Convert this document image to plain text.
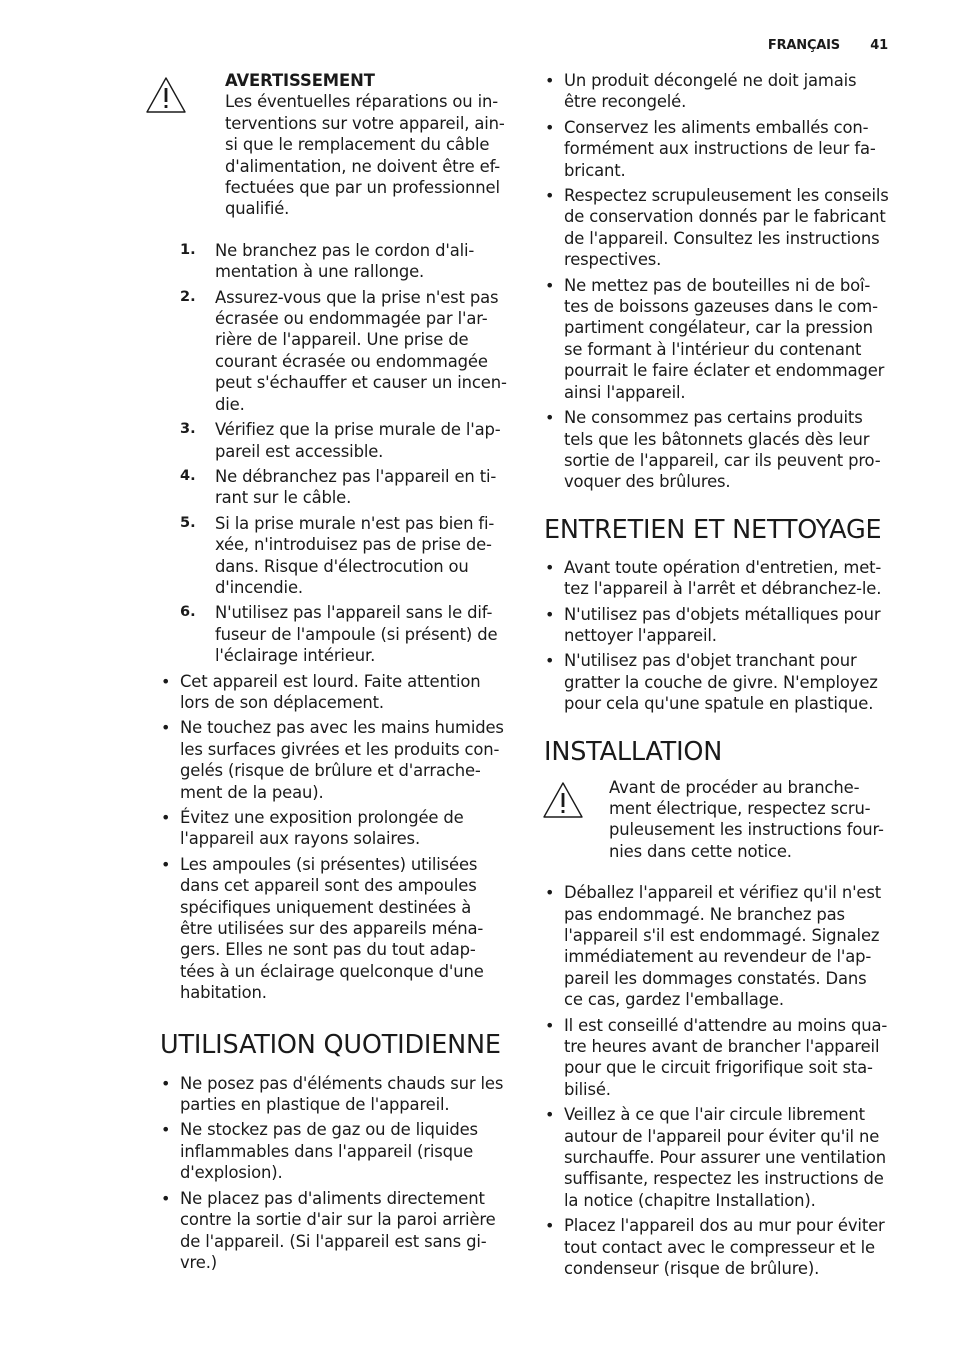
FRANÇAIS 41
AVERTISSEMENT
Les éventuelles réparations ou in-
terventions sur votre appareil, ain-
si que le remplacement du câble
d'alimentation, ne doivent être ef-
fectuées que par un professionnel
qualifié.
1. Ne branchez pas le cordon d'ali-
mentation à une rallonge.
2. Assurez-vous que la prise n'est pas
écrasée ou endommagée par l'ar-
rière de l'appareil. Une prise de
courant écrasée ou endommagée
peut s'échauffer et causer un incen-
die.
3. Vérifiez que la prise murale de l'ap-
pareil est accessible.
4. Ne débranchez pas l'appareil en ti-
rant sur le câble.
5. Si la prise murale n'est pas bien fi-
xée, n'introduisez pas de prise de-
dans. Risque d'électrocution ou
d'incendie.
6. N'utilisez pas l'appareil sans le dif-
fuseur de l'ampoule (si présent) de
l'éclairage intérieur.
• Cet appareil est lourd. Faite attention
lors de son déplacement.
• Ne touchez pas avec les mains humides
les surfaces givrées et les produits con-
gelés (risque de brûlure et d'arrache-
ment de la peau).
• Évitez une exposition prolongée de
l'appareil aux rayons solaires.
• Les ampoules (si présentes) utilisées
dans cet appareil sont des ampoules
spécifiques uniquement destinées à
être utilisées sur des appareils ména-
gers. Elles ne sont pas du tout adap-
tées à un éclairage quelconque d'une
habitation.
UTILISATION QUOTIDIENNE
• Ne posez pas d'éléments chauds sur les
parties en plastique de l'appareil.
• Ne stockez pas de gaz ou de liquides
inflammables dans l'appareil (risque
d'explosion).
• Ne placez pas d'aliments directement
contre la sortie d'air sur la paroi arrière
de l'appareil. (Si l'appareil est sans gi-
vre.)
• Un produit décongelé ne doit jamais
être recongelé.
• Conservez les aliments emballés con-
formément aux instructions de leur fa-
bricant.
• Respectez scrupuleusement les conseils
de conservation donnés par le fabricant
de l'appareil. Consultez les instructions
respectives.
• Ne mettez pas de bouteilles ni de boî-
tes de boissons gazeuses dans le com-
partiment congélateur, car la pression
se formant à l'intérieur du contenant
pourrait le faire éclater et endommager
ainsi l'appareil.
• Ne consommez pas certains produits
tels que les bâtonnets glacés dès leur
sortie de l'appareil, car ils peuvent pro-
voquer des brûlures.
ENTRETIEN ET NETTOYAGE
• Avant toute opération d'entretien, met-
tez l'appareil à l'arrêt et débranchez-le.
• N'utilisez pas d'objets métalliques pour
nettoyer l'appareil.
• N'utilisez pas d'objet tranchant pour
gratter la couche de givre. N'employez
pour cela qu'une spatule en plastique.
INSTALLATION
Avant de procéder au branche-
ment électrique, respectez scru-
puleusement les instructions four-
nies dans cette notice.
• Déballez l'appareil et vérifiez qu'il n'est
pas endommagé. Ne branchez pas
l'appareil s'il est endommagé. Signalez
immédiatement au revendeur de l'ap-
pareil les dommages constatés. Dans
ce cas, gardez l'emballage.
• Il est conseillé d'attendre au moins qua-
tre heures avant de brancher l'appareil
pour que le circuit frigorifique soit sta-
bilisé.
• Veillez à ce que l'air circule librement
autour de l'appareil pour éviter qu'il ne
surchauffe. Pour assurer une ventilation
suffisante, respectez les instructions de
la notice (chapitre Installation).
• Placez l'appareil dos au mur pour éviter
tout contact avec le compresseur et le
condenseur (risque de brûlure).
